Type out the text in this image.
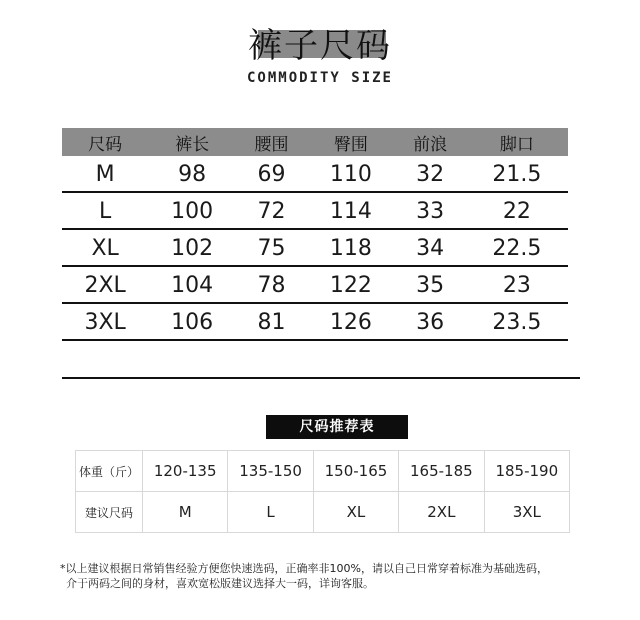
裤子尺码
COMMODITY SIZE
尺码	裤长	腰围	臀围	前浪	脚口
M	98	69	110	32	21.5
L	100	72	114	33	22
XL	102	75	118	34	22.5
2XL	104	78	122	35	23
3XL	106	81	126	36	23.5
尺码推荐表
体重（斤）	120-135	135-150	150-165	165-185	185-190
建议尺码	M	L	XL	2XL	3XL
*以上建议根据日常销售经验方便您快速选码，正确率非100%，请以自己日常穿着标准为基础选码，
介于两码之间的身材，喜欢宽松版建议选择大一码，详询客服。
